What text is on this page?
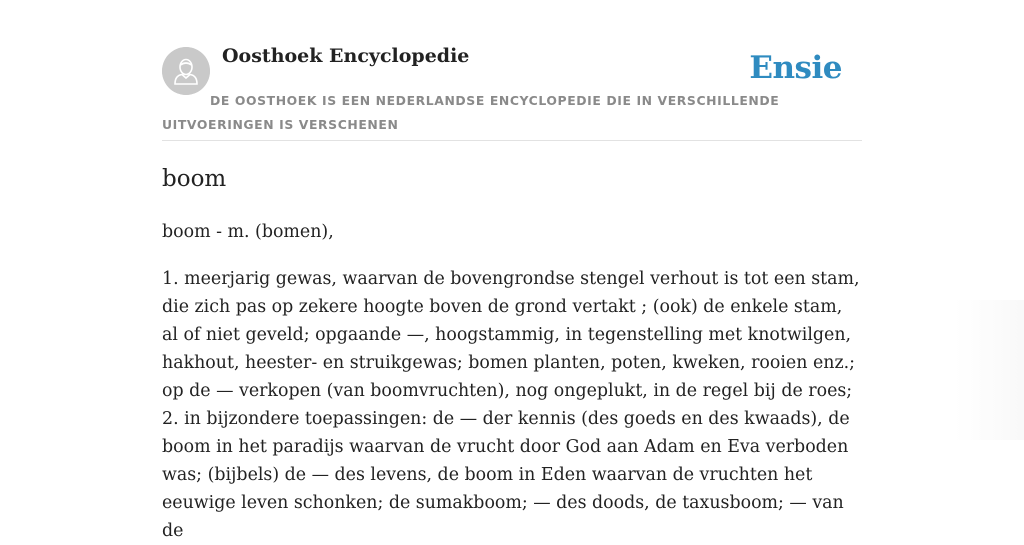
Oosthoek Encyclopedie	Ensie

DE OOSTHOEK IS EEN NEDERLANDSE ENCYCLOPEDIE DIE IN VERSCHILLENDE UITVOERINGEN IS VERSCHENEN

boom

boom - m. (bomen),

1. meerjarig gewas, waarvan de bovengrondse stengel verhout is tot een stam, die zich pas op zekere hoogte boven de grond vertakt ; (ook) de enkele stam, al of niet geveld; opgaande —, hoogstammig, in tegenstelling met knotwilgen, hakhout, heester- en struikgewas; bomen planten, poten, kweken, rooien enz.; op de — verkopen (van boomvruchten), nog ongeplukt, in de regel bij de roes;

2. in bijzondere toepassingen: de — der kennis (des goeds en des kwaads), de boom in het paradijs waarvan de vrucht door God aan Adam en Eva verboden was; (bijbels) de — des levens, de boom in Eden waarvan de vruchten het eeuwige leven schonken; de sumakboom; — des doods, de taxusboom; — van de
